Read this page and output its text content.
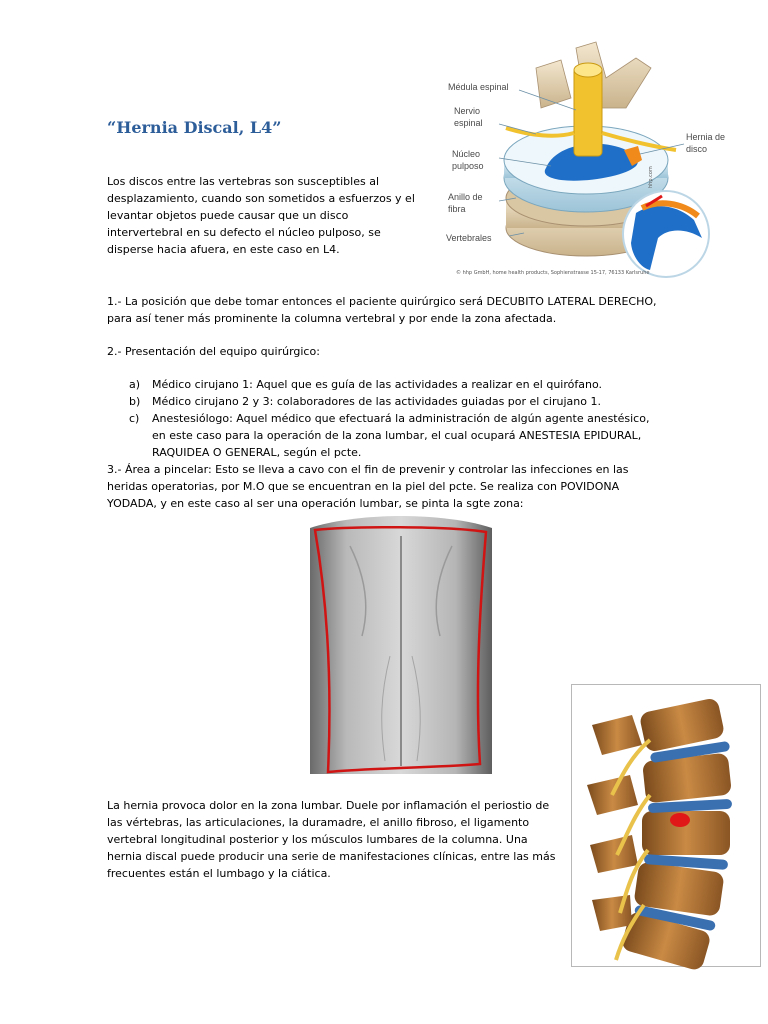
“Hernia Discal, L4”

Los discos entre las vertebras son susceptibles al
desplazamiento, cuando son sometidos a esfuerzos y el
levantar objetos puede causar que un disco
intervertebral en su defecto el núcleo pulposo, se
disperse hacia afuera, en este caso en L4.

Médula espinal
Nervio
espinal
Núcleo
pulposo
Anillo de
fibra
Vertebrales
Hernia de
disco
© hhp GmbH, home health products, Sophienstrasse 15-17, 76133 Karlsruhe
hhp.com

1.- La posición que debe tomar entonces el paciente quirúrgico será DECUBITO LATERAL DERECHO,
para así tener más prominente la columna vertebral y por ende la zona afectada.

2.- Presentación del equipo quirúrgico:

a) Médico cirujano 1: Aquel que es guía de las actividades a realizar en el quirófano.
b) Médico cirujano 2 y 3: colaboradores de las actividades guiadas por el cirujano 1.
c) Anestesiólogo: Aquel médico que efectuará la administración de algún agente anestésico,
en este caso para la operación de la zona lumbar, el cual ocupará ANESTESIA EPIDURAL,
RAQUIDEA O GENERAL, según el pcte.

3.- Área a pincelar: Esto se lleva a cavo con el fin de prevenir y controlar las infecciones en las
heridas operatorias, por M.O que se encuentran en la piel del pcte. Se realiza con POVIDONA
YODADA, y en este caso al ser una operación lumbar, se pinta la sgte zona:

La hernia provoca dolor en la zona lumbar. Duele por inflamación el periostio de
las vértebras, las articulaciones, la duramadre, el anillo fibroso, el ligamento
vertebral longitudinal posterior y los músculos lumbares de la columna. Una
hernia discal puede producir una serie de manifestaciones clínicas, entre las más
frecuentes están el lumbago y la ciática.
